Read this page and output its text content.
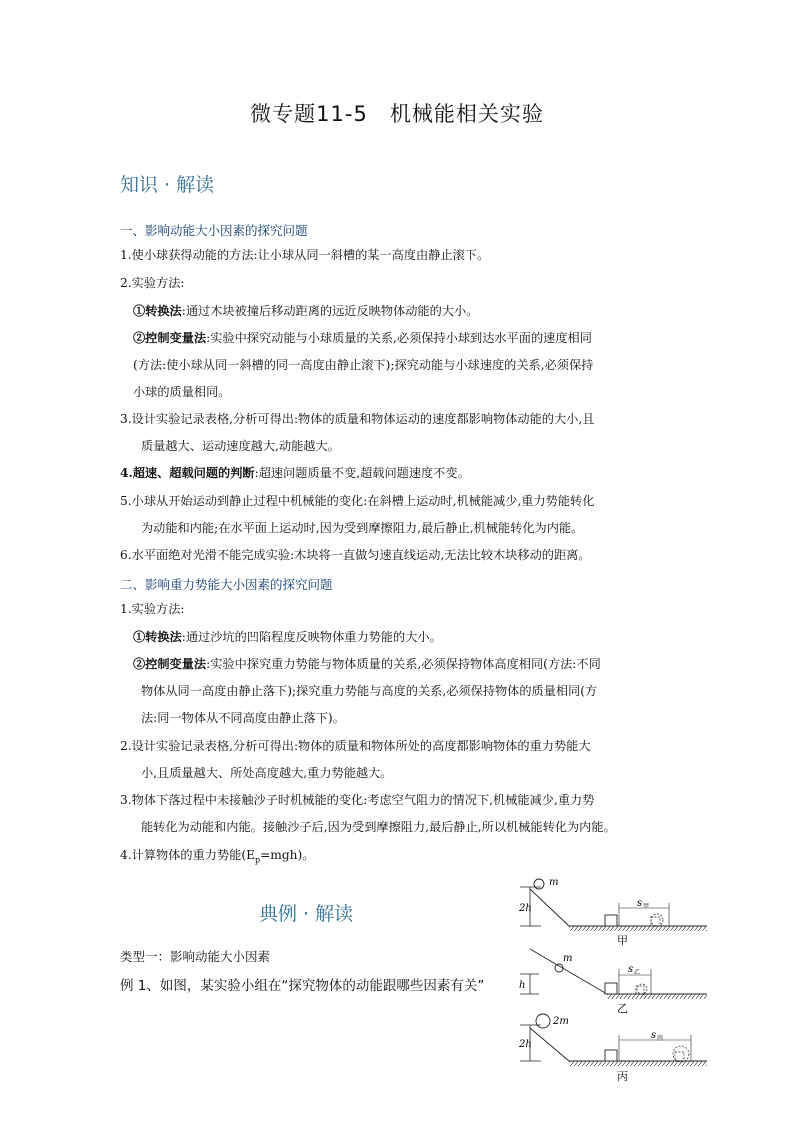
微专题11-5　机械能相关实验
知识 · 解读
一、影响动能大小因素的探究问题
1.使小球获得动能的方法:让小球从同一斜槽的某一高度由静止滚下。
2.实验方法:
①转换法:通过木块被撞后移动距离的远近反映物体动能的大小。
②控制变量法:实验中探究动能与小球质量的关系,必须保持小球到达水平面的速度相同
(方法:使小球从同一斜槽的同一高度由静止滚下);探究动能与小球速度的关系,必须保持
小球的质量相同。
3.设计实验记录表格,分析可得出:物体的质量和物体运动的速度都影响物体动能的大小,且
质量越大、运动速度越大,动能越大。
4.超速、超载问题的判断:超速问题质量不变,超载问题速度不变。
5.小球从开始运动到静止过程中机械能的变化:在斜槽上运动时,机械能减少,重力势能转化
为动能和内能;在水平面上运动时,因为受到摩擦阻力,最后静止,机械能转化为内能。
6.水平面绝对光滑不能完成实验:木块将一直做匀速直线运动,无法比较木块移动的距离。
二、影响重力势能大小因素的探究问题
1.实验方法:
①转换法:通过沙坑的凹陷程度反映物体重力势能的大小。
②控制变量法:实验中探究重力势能与物体质量的关系,必须保持物体高度相同(方法:不同
物体从同一高度由静止落下);探究重力势能与高度的关系,必须保持物体的质量相同(方
法:同一物体从不同高度由静止落下)。
2.设计实验记录表格,分析可得出:物体的质量和物体所处的高度都影响物体的重力势能大
小,且质量越大、所处高度越大,重力势能越大。
3.物体下落过程中未接触沙子时机械能的变化:考虑空气阻力的情况下,机械能减少,重力势
能转化为动能和内能。接触沙子后,因为受到摩擦阻力,最后静止,所以机械能转化为内能。
4.计算物体的重力势能$(E_p=mgh)$。
典例 · 解读
类型一：影响动能大小因素
例 1、如图，某实验小组在“探究物体的动能跟哪些因素有关”
2h
m
s 甲
甲
h
m
s 乙
乙
2h
2m
s 丙
丙
